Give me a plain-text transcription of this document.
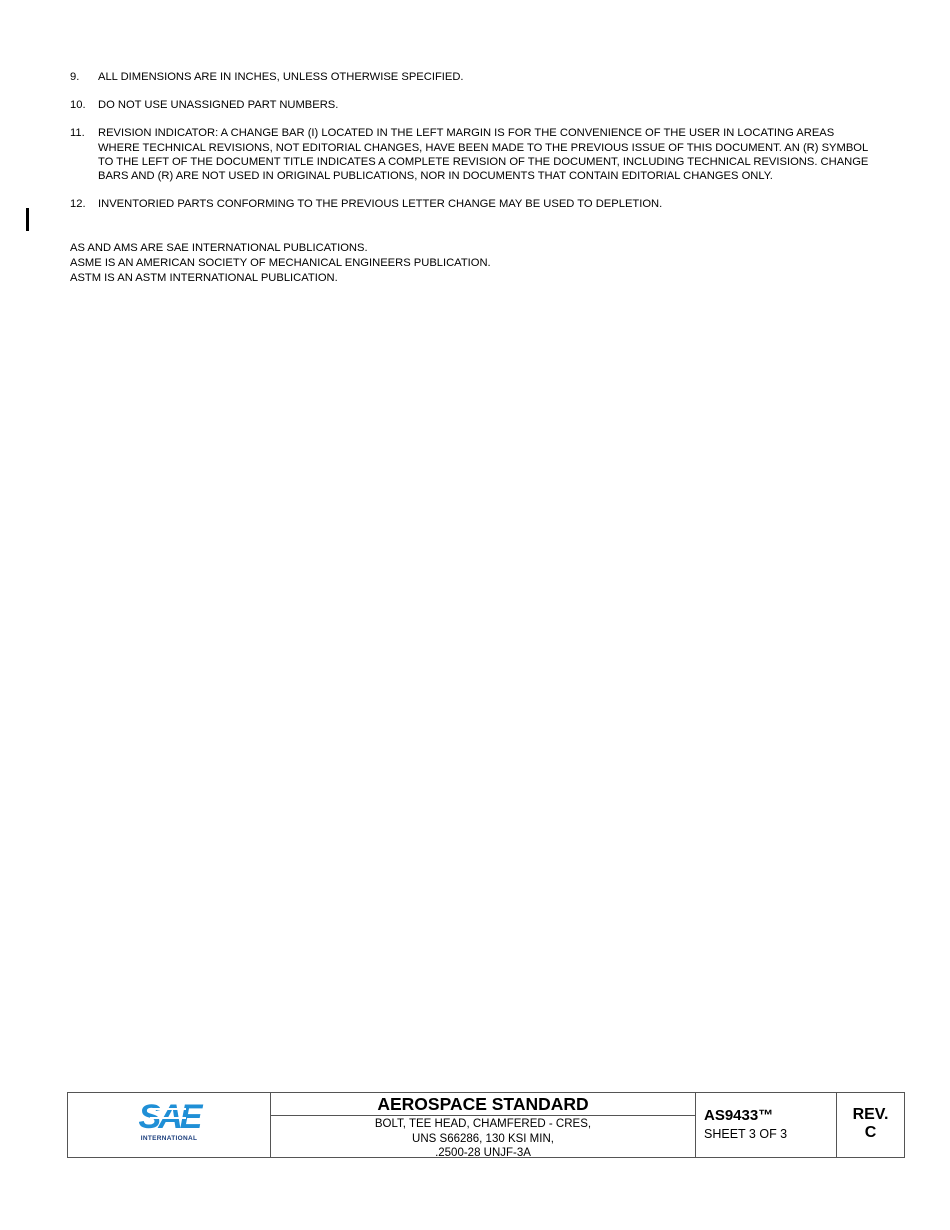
9.	ALL DIMENSIONS ARE IN INCHES, UNLESS OTHERWISE SPECIFIED.
10.	DO NOT USE UNASSIGNED PART NUMBERS.
11.	REVISION INDICATOR: A CHANGE BAR (I) LOCATED IN THE LEFT MARGIN IS FOR THE CONVENIENCE OF THE USER IN LOCATING AREAS WHERE TECHNICAL REVISIONS, NOT EDITORIAL CHANGES, HAVE BEEN MADE TO THE PREVIOUS ISSUE OF THIS DOCUMENT. AN (R) SYMBOL TO THE LEFT OF THE DOCUMENT TITLE INDICATES A COMPLETE REVISION OF THE DOCUMENT, INCLUDING TECHNICAL REVISIONS. CHANGE BARS AND (R) ARE NOT USED IN ORIGINAL PUBLICATIONS, NOR IN DOCUMENTS THAT CONTAIN EDITORIAL CHANGES ONLY.
12.	INVENTORIED PARTS CONFORMING TO THE PREVIOUS LETTER CHANGE MAY BE USED TO DEPLETION.
AS AND AMS ARE SAE INTERNATIONAL PUBLICATIONS.
ASME IS AN AMERICAN SOCIETY OF MECHANICAL ENGINEERS PUBLICATION.
ASTM IS AN ASTM INTERNATIONAL PUBLICATION.
SAE
INTERNATIONAL
AEROSPACE STANDARD
BOLT, TEE HEAD, CHAMFERED - CRES,
UNS S66286, 130 KSI MIN,
.2500-28 UNJF-3A
AS9433™
SHEET 3 OF 3
REV.
C
